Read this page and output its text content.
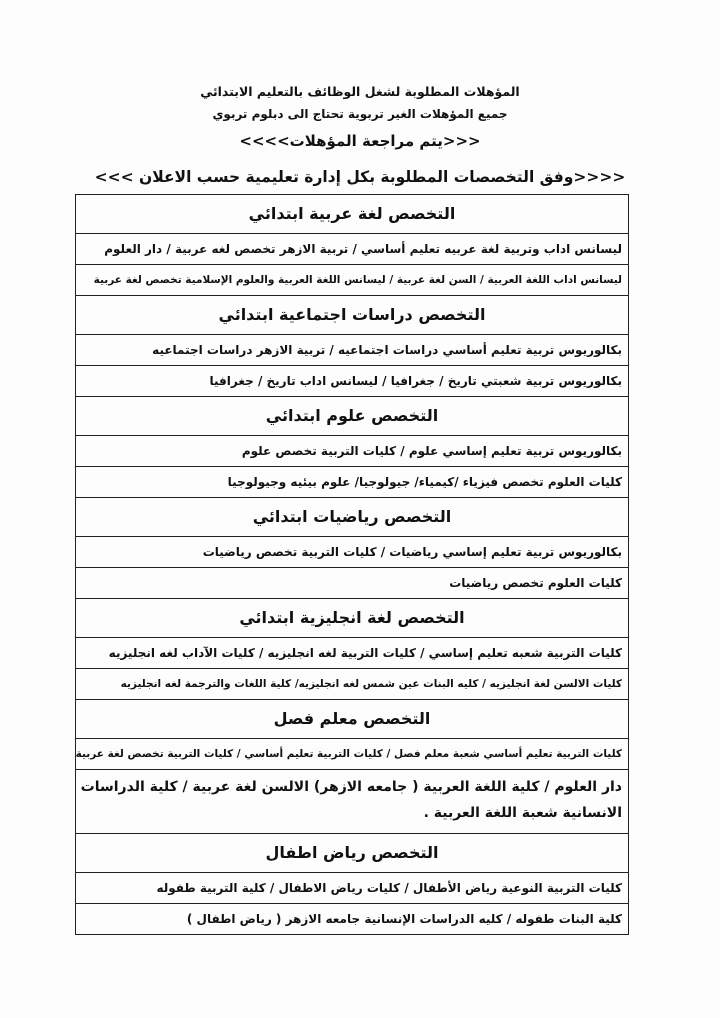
المؤهلات المطلوبة لشغل الوظائف بالتعليم الابتدائي
جميع المؤهلات الغير تربوية تحتاج الى دبلوم تربوي
<<<يتم مراجعة المؤهلات>>>>
<<<<وفق التخصصات المطلوبة بكل إدارة تعليمية حسب الاعلان >>>
التخصص لغة عربية ابتدائي
ليسانس اداب وتربية لغة عربيه تعليم أساسي / تربية الازهر تخصص لغه عربية / دار العلوم
ليسانس اداب اللغة العربية / السن لغة عربية / ليسانس اللغة العربية والعلوم الإسلامية تخصص لغة عربية
التخصص دراسات اجتماعية ابتدائي
بكالوريوس تربية تعليم أساسي دراسات اجتماعيه / تربية الازهر دراسات اجتماعيه
بكالوريوس تربية شعبتي تاريخ / جغرافيا / ليسانس اداب تاريخ / جغرافيا
التخصص علوم ابتدائي
بكالوريوس تربية تعليم إساسي علوم / كليات التربية تخصص علوم
كليات العلوم تخصص فيزياء /كيمياء/ جيولوجيا/ علوم بيئيه وجيولوجيا
التخصص رياضيات ابتدائي
بكالوريوس تربية تعليم إساسي رياضيات / كليات التربية تخصص رياضيات
كليات العلوم تخصص رياضيات
التخصص لغة انجليزية ابتدائي
كليات التربية شعبه تعليم إساسي / كليات التربية لغه انجليزيه / كليات الآداب لغه انجليزيه
كليات الالسن لغة انجليزيه / كليه البنات عين شمس لغه انجليزيه/ كلية اللغات والترجمة لغه انجليزيه
التخصص معلم فصل
كليات التربية تعليم أساسي شعبة معلم فصل / كليات التربية تعليم أساسي / كليات التربية تخصص لغة عربية
دار العلوم / كلية اللغة العربية ( جامعه الازهر) الالسن لغة عربية / كلية الدراسات الانسانية شعبة اللغة العربية .
التخصص رياض اطفال
كليات التربية النوعية رياض الأطفال / كليات رياض الاطفال / كلية التربية طفوله
كلية البنات طفوله / كليه الدراسات الإنسانية جامعه الازهر ( رياض اطفال )
